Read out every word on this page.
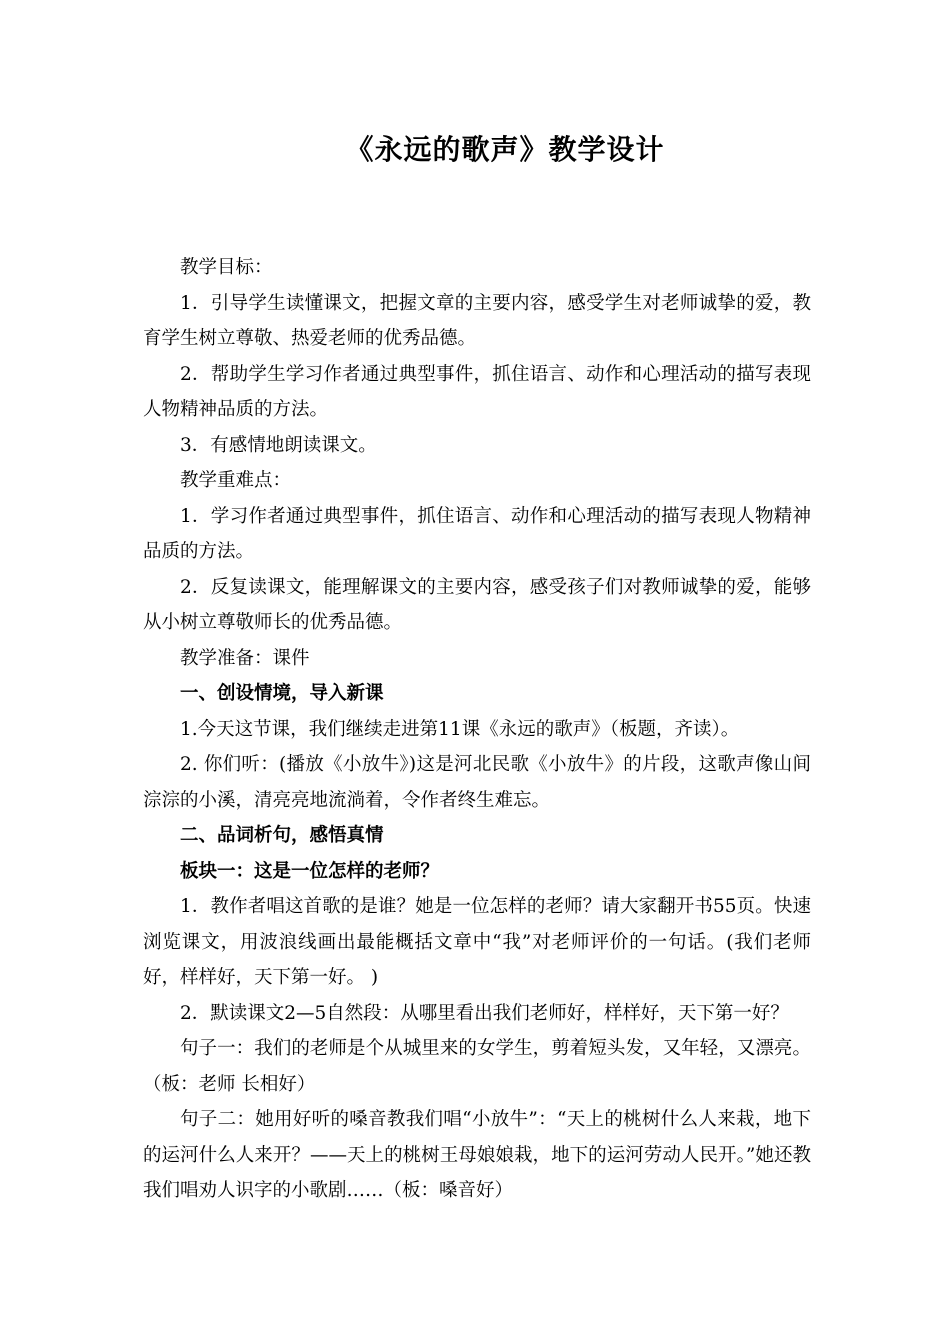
《永远的歌声》教学设计

教学目标：

1．引导学生读懂课文，把握文章的主要内容，感受学生对老师诚挚的爱，教育学生树立尊敬、热爱老师的优秀品德。

2．帮助学生学习作者通过典型事件，抓住语言、动作和心理活动的描写表现人物精神品质的方法。

3．有感情地朗读课文。

教学重难点：

1．学习作者通过典型事件，抓住语言、动作和心理活动的描写表现人物精神品质的方法。

2．反复读课文，能理解课文的主要内容，感受孩子们对教师诚挚的爱，能够从小树立尊敬师长的优秀品德。

教学准备：课件

一、创设情境，导入新课

1.今天这节课，我们继续走进第11课《永远的歌声》（板题，齐读）。

2. 你们听：(播放《小放牛》)这是河北民歌《小放牛》的片段，这歌声像山间淙淙的小溪，清亮亮地流淌着，令作者终生难忘。

二、品词析句，感悟真情

板块一：这是一位怎样的老师？

1．教作者唱这首歌的是谁？她是一位怎样的老师？请大家翻开书55页。快速浏览课文，用波浪线画出最能概括文章中“我”对老师评价的一句话。(我们老师好，样样好，天下第一好。 )

2．默读课文2—5自然段：从哪里看出我们老师好，样样好，天下第一好？

句子一：我们的老师是个从城里来的女学生，剪着短头发，又年轻，又漂亮。（板：老师 长相好）

句子二：她用好听的嗓音教我们唱“小放牛”：“天上的桃树什么人来栽，地下的运河什么人来开？——天上的桃树王母娘娘栽，地下的运河劳动人民开。”她还教我们唱劝人识字的小歌剧……（板：嗓音好）
